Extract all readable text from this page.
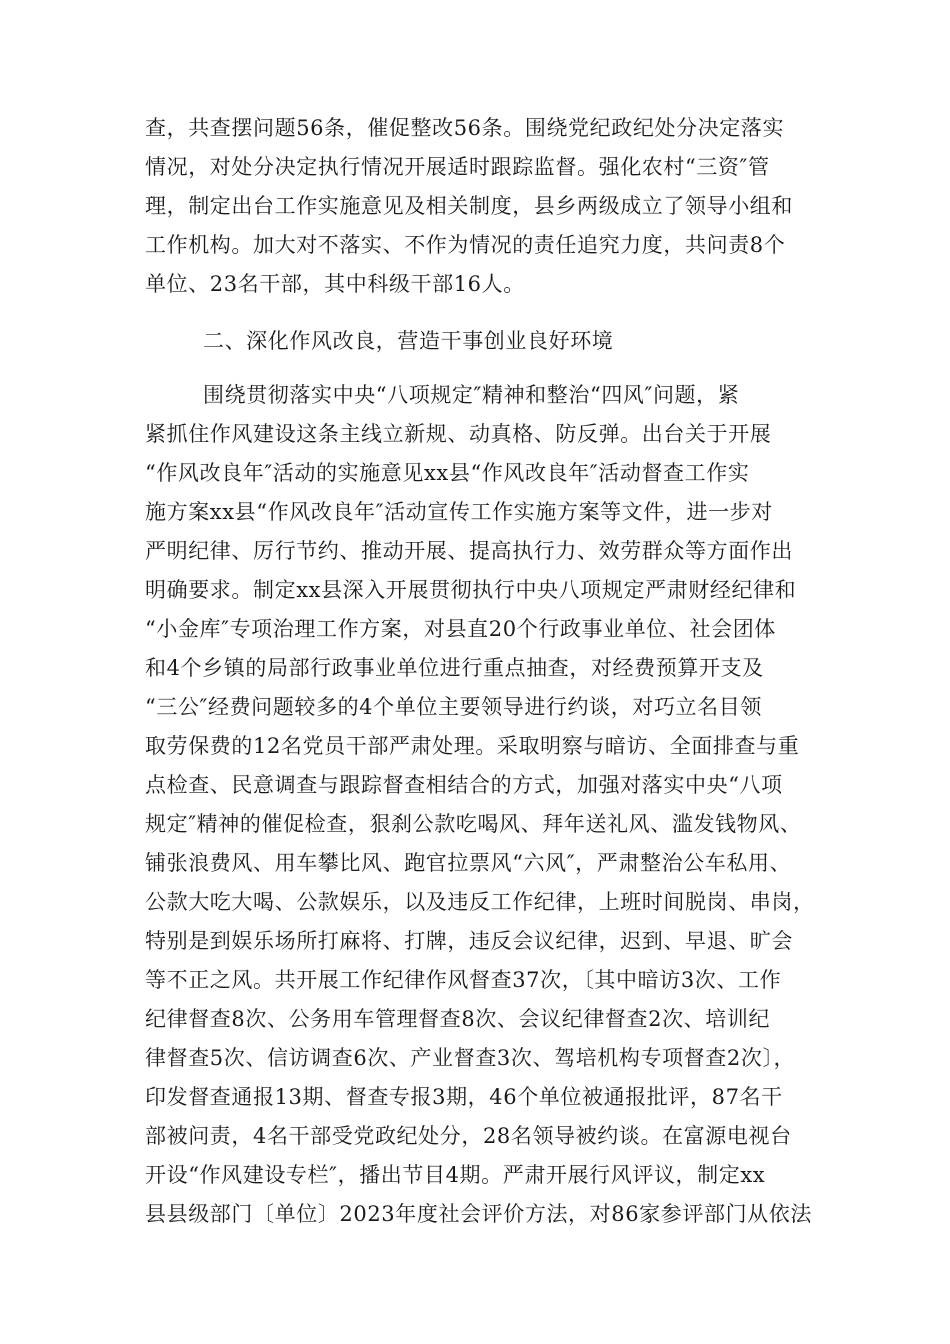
查，共查摆问题56条，催促整改56条。围绕党纪政纪处分决定落实
情况，对处分决定执行情况开展适时跟踪监督。强化农村“三资″管
理，制定出台工作实施意见及相关制度，县乡两级成立了领导小组和
工作机构。加大对不落实、不作为情况的责任追究力度，共问责8个
单位、23名干部，其中科级干部16人。
二、深化作风改良，营造干事创业良好环境
围绕贯彻落实中央“八项规定″精神和整治“四风″问题，紧
紧抓住作风建设这条主线立新规、动真格、防反弹。出台关于开展
“作风改良年″活动的实施意见xx县“作风改良年″活动督查工作实
施方案xx县“作风改良年″活动宣传工作实施方案等文件，进一步对
严明纪律、厉行节约、推动开展、提高执行力、效劳群众等方面作出
明确要求。制定xx县深入开展贯彻执行中央八项规定严肃财经纪律和
“小金库″专项治理工作方案，对县直20个行政事业单位、社会团体
和4个乡镇的局部行政事业单位进行重点抽查，对经费预算开支及
“三公″经费问题较多的4个单位主要领导进行约谈，对巧立名目领
取劳保费的12名党员干部严肃处理。采取明察与暗访、全面排查与重
点检查、民意调查与跟踪督查相结合的方式，加强对落实中央“八项
规定″精神的催促检查，狠刹公款吃喝风、拜年送礼风、滥发钱物风、
铺张浪费风、用车攀比风、跑官拉票风“六风″，严肃整治公车私用、
公款大吃大喝、公款娱乐，以及违反工作纪律，上班时间脱岗、串岗，
特别是到娱乐场所打麻将、打牌，违反会议纪律，迟到、早退、旷会
等不正之风。共开展工作纪律作风督查37次，〔其中暗访3次、工作
纪律督查8次、公务用车管理督查8次、会议纪律督查2次、培训纪
律督查5次、信访调查6次、产业督查3次、驾培机构专项督查2次〕，
印发督查通报13期、督查专报3期，46个单位被通报批评，87名干
部被问责，4名干部受党政纪处分，28名领导被约谈。在富源电视台
开设“作风建设专栏″，播出节目4期。严肃开展行风评议，制定xx
县县级部门〔单位〕2023年度社会评价方法，对86家参评部门从依法
